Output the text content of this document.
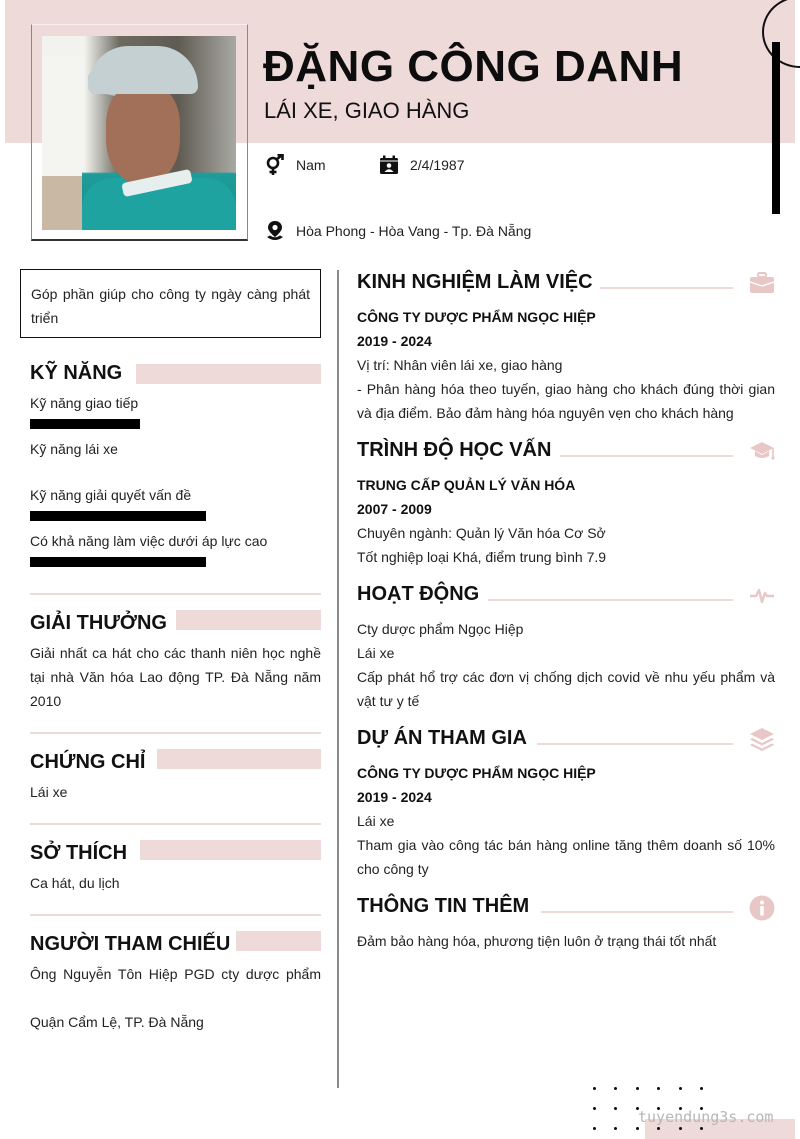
ĐẶNG CÔNG DANH
LÁI XE, GIAO HÀNG
Nam	2/4/1987
Hòa Phong - Hòa Vang - Tp. Đà Nẵng
Góp phần giúp cho công ty ngày càng phát triển
KỸ NĂNG
Kỹ năng giao tiếp
Kỹ năng lái xe
Kỹ năng giải quyết vấn đề
Có khả năng làm việc dưới áp lực cao
GIẢI THƯỞNG

Giải nhất ca hát cho các thanh niên học nghề tại nhà Văn hóa Lao động TP. Đà Nẵng năm 2010

CHỨNG CHỈ

Lái xe

SỞ THÍCH

Ca hát, du lịch

NGƯỜI THAM CHIẾU

Ông Nguyễn Tôn Hiệp PGD cty dược phẩm

Quận Cẩm Lệ, TP. Đà Nẵng

KINH NGHIỆM LÀM VIỆC
CÔNG TY DƯỢC PHẨM NGỌC HIỆP
2019 - 2024

Vị trí: Nhân viên lái xe, giao hàng

- Phân hàng hóa theo tuyến, giao hàng cho khách đúng thời gian và địa điểm. Bảo đảm hàng hóa nguyên vẹn cho khách hàng

TRÌNH ĐỘ HỌC VẤN
TRUNG CẤP QUẢN LÝ VĂN HÓA
2007 - 2009

Chuyên ngành: Quản lý Văn hóa Cơ Sở

Tốt nghiệp loại Khá, điểm trung bình 7.9

HOẠT ĐỘNG

Cty dược phẩm Ngọc Hiệp

Lái xe

Cấp phát hổ trợ các đơn vị chống dịch covid về nhu yếu phẩm và vật tư y tế

DỰ ÁN THAM GIA
CÔNG TY DƯỢC PHẨM NGỌC HIỆP
2019 - 2024

Lái xe

Tham gia vào công tác bán hàng online tăng thêm doanh số 10% cho công ty

THÔNG TIN THÊM

Đảm bảo hàng hóa, phương tiện luôn ở trạng thái tốt nhất

tuyendung3s.com
